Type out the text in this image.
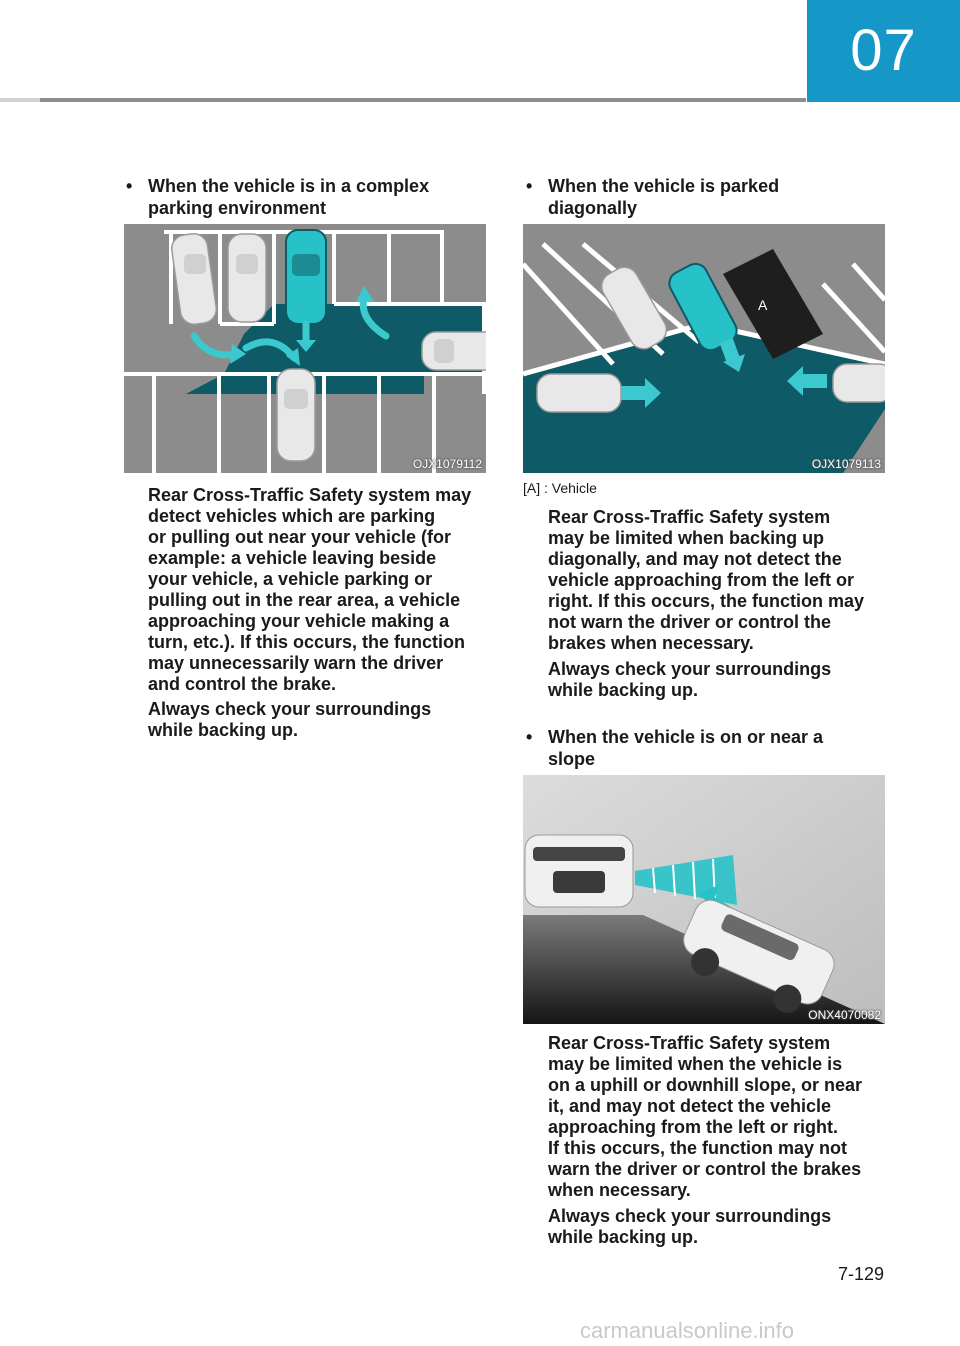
07
• When the vehicle is in a complex parking environment
OJX1079112
Rear Cross-Traffic Safety system may
detect vehicles which are parking
or pulling out near your vehicle (for
example: a vehicle leaving beside
your vehicle, a vehicle parking or
pulling out in the rear area, a vehicle
approaching your vehicle making a
turn, etc.). If this occurs, the function
may unnecessarily warn the driver
and control the brake.
Always check your surroundings
while backing up.
• When the vehicle is parked diagonally
A
OJX1079113
[A] : Vehicle
Rear Cross-Traffic Safety system
may be limited when backing up
diagonally, and may not detect the
vehicle approaching from the left or
right. If this occurs, the function may
not warn the driver or control the
brakes when necessary.
Always check your surroundings
while backing up.
• When the vehicle is on or near a slope
ONX4070082
Rear Cross-Traffic Safety system
may be limited when the vehicle is
on a uphill or downhill slope, or near
it, and may not detect the vehicle
approaching from the left or right.
If this occurs, the function may not
warn the driver or control the brakes
when necessary.
Always check your surroundings
while backing up.
7-129
carmanualsonline.info
